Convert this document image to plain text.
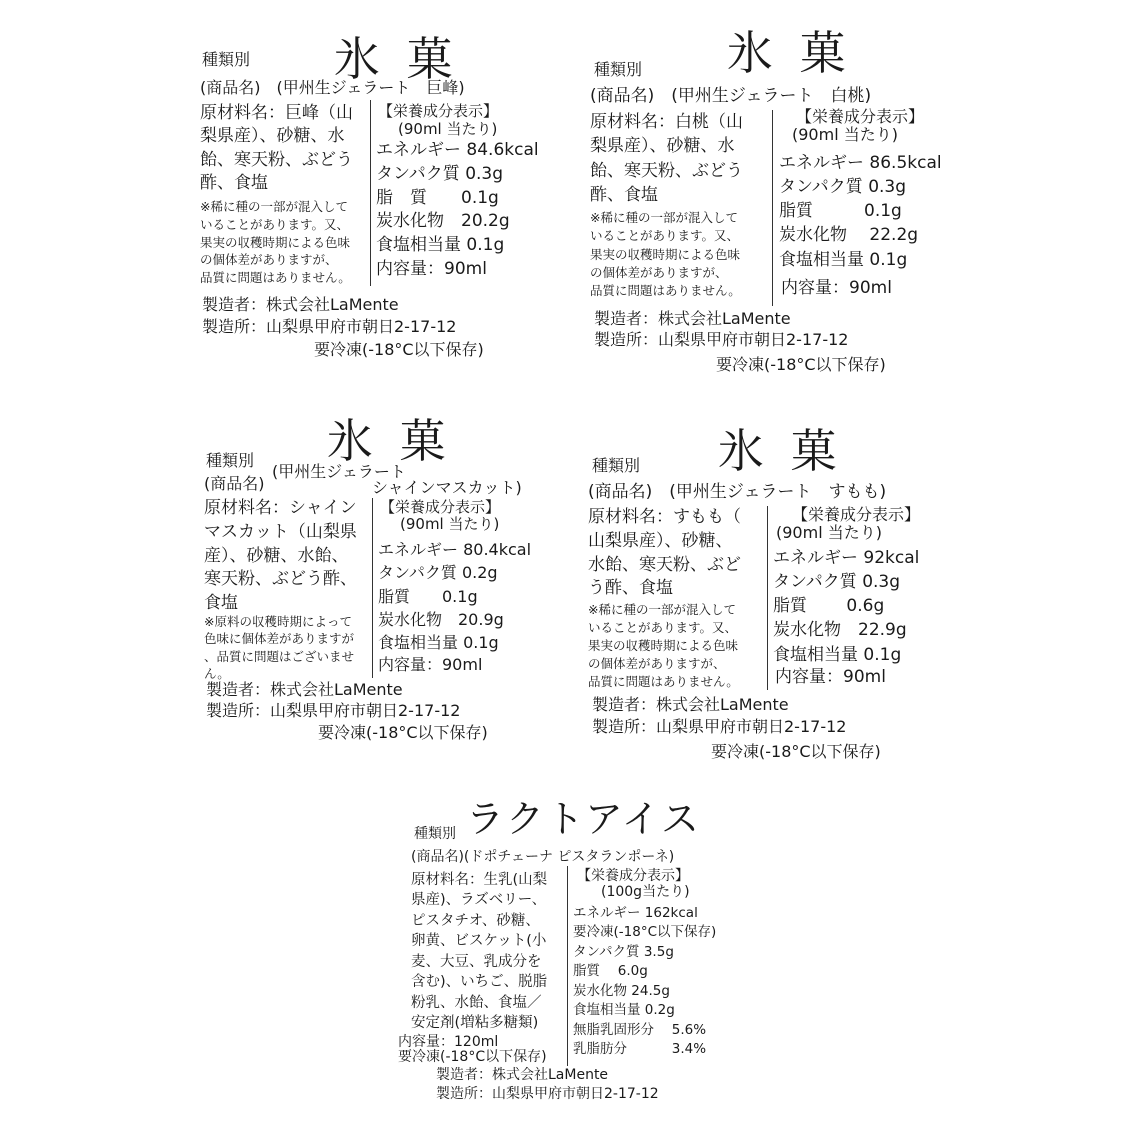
種類別 氷 菓
(商品名)　(甲州生ジェラート　巨峰)
原材料名：巨峰（山
梨県産）、砂糖、水
飴、寒天粉、ぶどう
酢、食塩
※稀に種の一部が混入して
いることがあります。又、
果実の収穫時期による色味
の個体差がありますが、
品質に問題はありません。
【栄養成分表示】
(90ml 当たり)
エネルギー 84.6kcal
タンパク質 0.3g
脂　質　　0.1g
炭水化物　20.2g
食塩相当量 0.1g
内容量：90ml
製造者：株式会社LaMente
製造所：山梨県甲府市朝日2-17-12
要冷凍(-18°C以下保存)
種類別 氷 菓
(商品名)　(甲州生ジェラート　白桃)
原材料名：白桃（山
梨県産）、砂糖、水
飴、寒天粉、ぶどう
酢、食塩
※稀に種の一部が混入して
いることがあります。又、
果実の収穫時期による色味
の個体差がありますが、
品質に問題はありません。
【栄養成分表示】
(90ml 当たり)
エネルギー 86.5kcal
タンパク質 0.3g
脂質　　　0.1g
炭水化物　 22.2g
食塩相当量 0.1g
内容量：90ml
製造者：株式会社LaMente
製造所：山梨県甲府市朝日2-17-12
要冷凍(-18°C以下保存)
種類別 氷 菓
(商品名)
(甲州生ジェラート
シャインマスカット)
原材料名：シャイン
マスカット（山梨県
産）、砂糖、水飴、
寒天粉、ぶどう酢、
食塩
※原料の収穫時期によって
色味に個体差がありますが
、品質に問題はございませ
ん。
【栄養成分表示】
(90ml 当たり)
エネルギー 80.4kcal
タンパク質 0.2g
脂質　　0.1g
炭水化物　20.9g
食塩相当量 0.1g
内容量：90ml
製造者：株式会社LaMente
製造所：山梨県甲府市朝日2-17-12
要冷凍(-18°C以下保存)
種類別 氷 菓
(商品名)　(甲州生ジェラート　すもも)
原材料名：すもも（
山梨県産）、砂糖、
水飴、寒天粉、ぶど
う酢、食塩
※稀に種の一部が混入して
いることがあります。又、
果実の収穫時期による色味
の個体差がありますが、
品質に問題はありません。
【栄養成分表示】
(90ml 当たり)
エネルギー 92kcal
タンパク質 0.3g
脂質　　 0.6g
炭水化物　22.9g
食塩相当量 0.1g
内容量：90ml
製造者：株式会社LaMente
製造所：山梨県甲府市朝日2-17-12
要冷凍(-18°C以下保存)
種類別 ラクトアイス
(商品名)(ドポチェーナ ピスタランポーネ)
原材料名：生乳(山梨
県産)、ラズベリー、
ピスタチオ、砂糖、
卵黄、ビスケット(小
麦、大豆、乳成分を
含む)、いちご、脱脂
粉乳、水飴、食塩／
安定剤(増粘多糖類)
内容量：120ml
要冷凍(-18°C以下保存)
【栄養成分表示】
(100g当たり)
エネルギー 162kcal
要冷凍(-18°C以下保存)
タンパク質 3.5g
脂質　 6.0g
炭水化物 24.5g
食塩相当量 0.2g
無脂乳固形分　 5.6%
乳脂肪分　　　 3.4%
製造者：株式会社LaMente
製造所：山梨県甲府市朝日2-17-12
